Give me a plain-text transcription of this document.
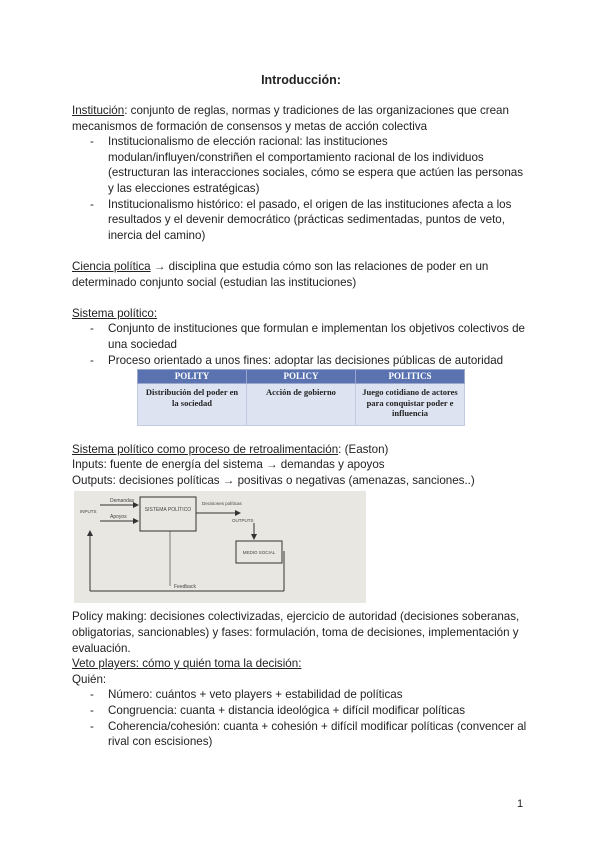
Introducción:

Institución: conjunto de reglas, normas y tradiciones de las organizaciones que crean mecanismos de formación de consensos y metas de acción colectiva

- Institucionalismo de elección racional: las instituciones modulan/influyen/constriñen el comportamiento racional de los individuos (estructuran las interacciones sociales, cómo se espera que actúen las personas y las elecciones estratégicas)
- Institucionalismo histórico: el pasado, el origen de las instituciones afecta a los resultados y el devenir democrático (prácticas sedimentadas, puntos de veto, inercia del camino)

Ciencia política → disciplina que estudia cómo son las relaciones de poder en un determinado conjunto social (estudian las instituciones)

Sistema político:

- Conjunto de instituciones que formulan e implementan los objetivos colectivos de una sociedad
- Proceso orientado a unos fines: adoptar las decisiones públicas de autoridad
POLITY	POLICY	POLITICS
Distribución del poder en la sociedad	Acción de gobierno	Juego cotidiano de actores para conquistar poder e influencia

Sistema político como proceso de retroalimentación: (Easton)

Inputs: fuente de energía del sistema → demandas y apoyos

Outputs: decisiones políticas → positivas o negativas (amenazas, sanciones..)

SISTEMA POLÍTICO
Demandas
INPUTS
Apoyos
Decisiones políticas
OUTPUTS
MEDIO SOCIAL
Feedback

Policy making: decisiones colectivizadas, ejercicio de autoridad (decisiones soberanas, obligatorias, sancionables) y fases: formulación, toma de decisiones, implementación y evaluación.

Veto players: cómo y quién toma la decisión:

Quién:

- Número: cuántos + veto players + estabilidad de políticas
- Congruencia: cuanta + distancia ideológica + difícil modificar políticas
- Coherencia/cohesión: cuanta + cohesión + difícil modificar políticas (convencer al rival con escisiones)
1
